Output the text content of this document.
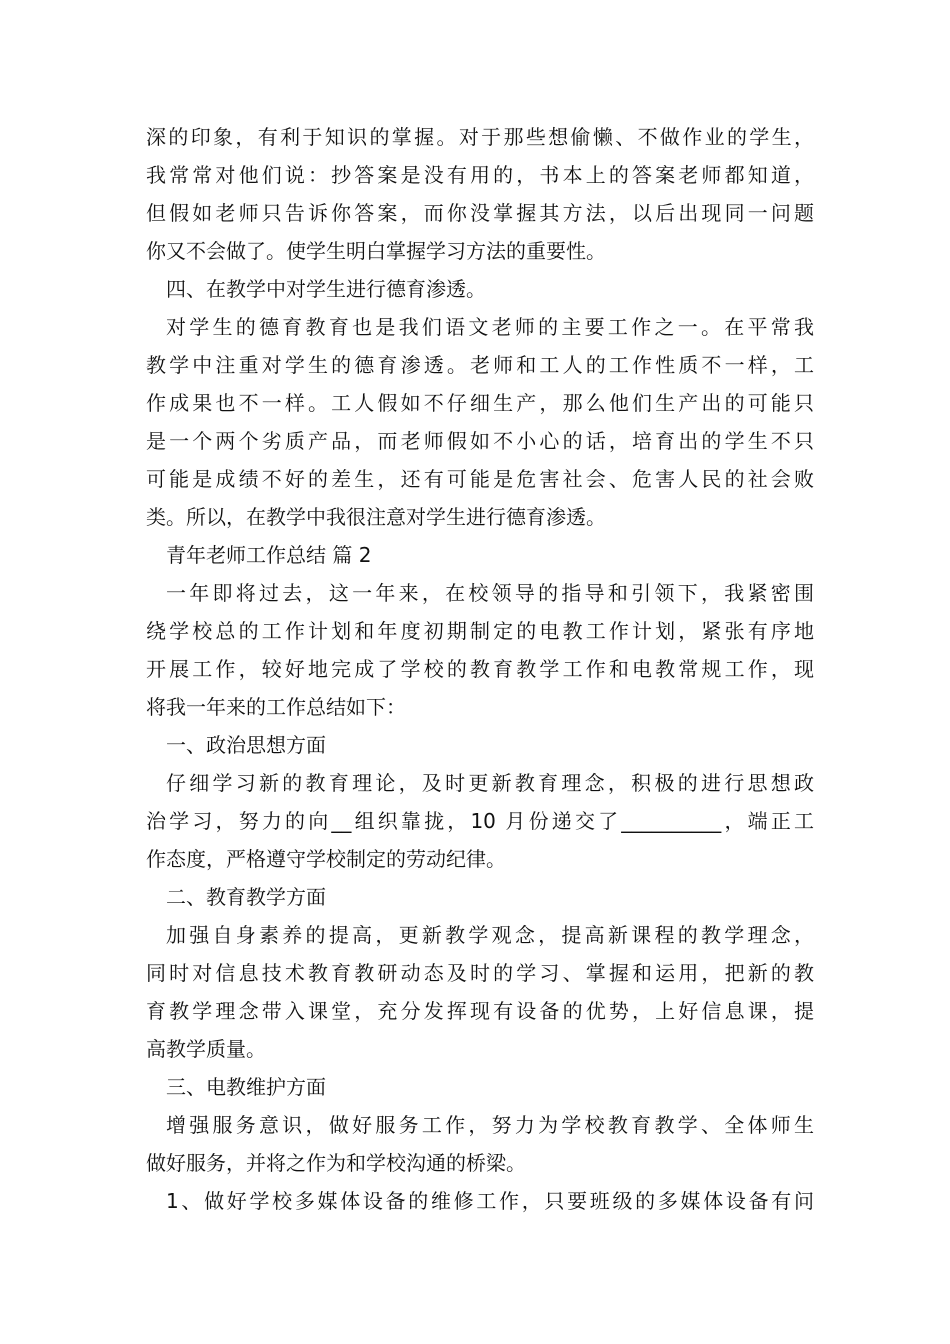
深的印象，有利于知识的掌握。对于那些想偷懒、不做作业的学生，
我常常对他们说：抄答案是没有用的，书本上的答案老师都知道，
但假如老师只告诉你答案，而你没掌握其方法，以后出现同一问题
你又不会做了。使学生明白掌握学习方法的重要性。
四、在教学中对学生进行德育渗透。
对学生的德育教育也是我们语文老师的主要工作之一。在平常我
教学中注重对学生的德育渗透。老师和工人的工作性质不一样，工
作成果也不一样。工人假如不仔细生产，那么他们生产出的可能只
是一个两个劣质产品，而老师假如不小心的话，培育出的学生不只
可能是成绩不好的差生，还有可能是危害社会、危害人民的社会败
类。所以，在教学中我很注意对学生进行德育渗透。
青年老师工作总结 篇 2
一年即将过去，这一年来，在校领导的指导和引领下，我紧密围
绕学校总的工作计划和年度初期制定的电教工作计划，紧张有序地
开展工作，较好地完成了学校的教育教学工作和电教常规工作，现
将我一年来的工作总结如下：
一、政治思想方面
仔细学习新的教育理论，及时更新教育理念，积极的进行思想政
治学习，努力的向__组织靠拢，10 月份递交了__________，端正工
作态度，严格遵守学校制定的劳动纪律。
二、教育教学方面
加强自身素养的提高，更新教学观念，提高新课程的教学理念，
同时对信息技术教育教研动态及时的学习、掌握和运用，把新的教
育教学理念带入课堂，充分发挥现有设备的优势，上好信息课，提
高教学质量。
三、电教维护方面
增强服务意识，做好服务工作，努力为学校教育教学、全体师生
做好服务，并将之作为和学校沟通的桥梁。
1、做好学校多媒体设备的维修工作，只要班级的多媒体设备有问
